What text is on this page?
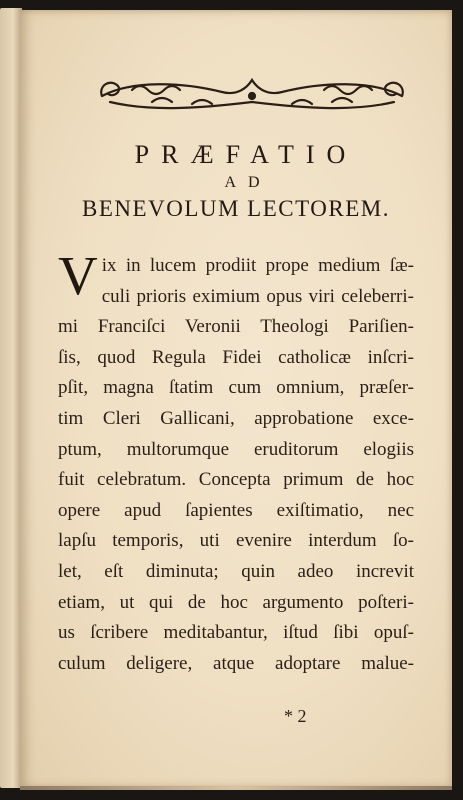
PRÆFATIO
AD
BENEVOLUM LECTOREM.
V ix in lucem prodiit prope medium ſæ-
culi prioris eximium opus viri celeberri-
mi Franciſci Veronii Theologi Pariſien-
ſis, quod Regula Fidei catholicæ inſcri-
pſit, magna ſtatim cum omnium, præſer-
tim Cleri Gallicani, approbatione exce-
ptum, multorumque eruditorum elogiis
fuit celebratum. Concepta primum de hoc
opere apud ſapientes exiſtimatio, nec
lapſu temporis, uti evenire interdum ſo-
let, eſt diminuta; quin adeo increvit
etiam, ut qui de hoc argumento poſteri-
us ſcribere meditabantur, iſtud ſibi opuſ-
culum deligere, atque adoptare malue-
* 2
